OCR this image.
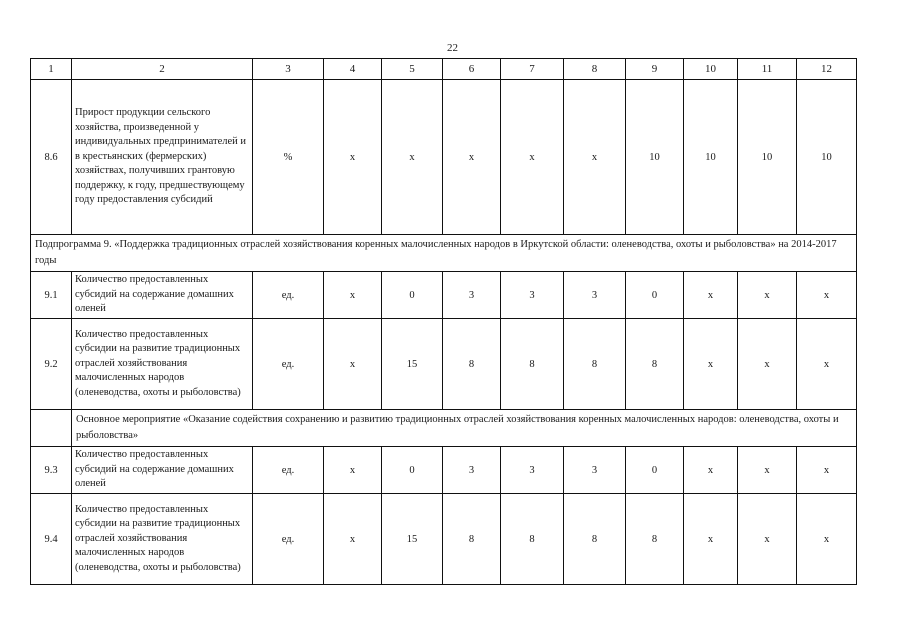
22
1	2	3	4	5	6	7	8	9	10	11	12
8.6	Прирост продукции сельского хозяйства, произведенной у индивидуальных предпринимателей и в крестьянских (фермерских) хозяйствах, получивших грантовую поддержку, к году, предшествующему году предоставления субсидий	%	x	x	x	x	x	10	10	10	10
Подпрограмма 9. «Поддержка традиционных отраслей хозяйствования коренных малочисленных народов в Иркутской области: оленеводства, охоты и рыболовства» на 2014-2017 годы											
9.1	Количество предоставленных субсидий на содержание домашних оленей	ед.	x	0	3	3	3	0	x	x	x
9.2	Количество предоставленных субсидии на развитие традиционных отраслей хозяйствования малочисленных народов (оленеводства, охоты и рыболовства)	ед.	x	15	8	8	8	8	x	x	x
	Основное мероприятие «Оказание содействия сохранению и развитию традиционных отраслей хозяйствования коренных малочисленных народов: оленеводства, охоты и рыболовства»										
9.3	Количество предоставленных субсидий на содержание домашних оленей	ед.	x	0	3	3	3	0	x	x	x
9.4	Количество предоставленных субсидии на развитие традиционных отраслей хозяйствования малочисленных народов (оленеводства, охоты и рыболовства)	ед.	x	15	8	8	8	8	x	x	x
